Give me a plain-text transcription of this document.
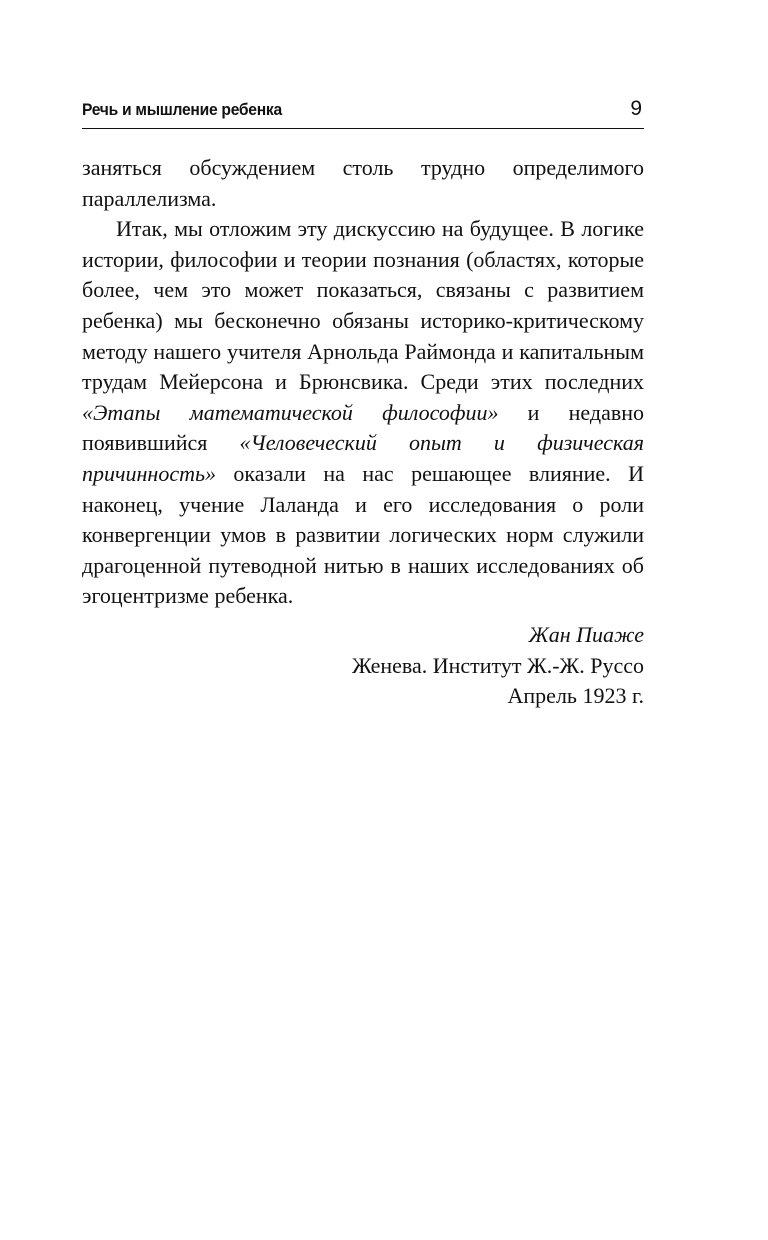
Речь и мышление ребенка	9

заняться обсуждением столь трудно определимого параллелизма.

Итак, мы отложим эту дискуссию на будущее. В логике истории, философии и теории познания (областях, которые более, чем это может показаться, связаны с развитием ребенка) мы бесконечно обязаны историко-критическому методу нашего учителя Арнольда Раймонда и капитальным трудам Мейерсона и Брюнсвика. Среди этих последних «Этапы математической философии» и недавно появившийся «Человеческий опыт и физическая причинность» оказали на нас решающее влияние. И наконец, учение Лаланда и его исследования о роли конвергенции умов в развитии логических норм служили драгоценной путеводной нитью в наших исследованиях об эгоцентризме ребенка.

Жан Пиаже
Женева. Институт Ж.-Ж. Руссо
Апрель 1923 г.
